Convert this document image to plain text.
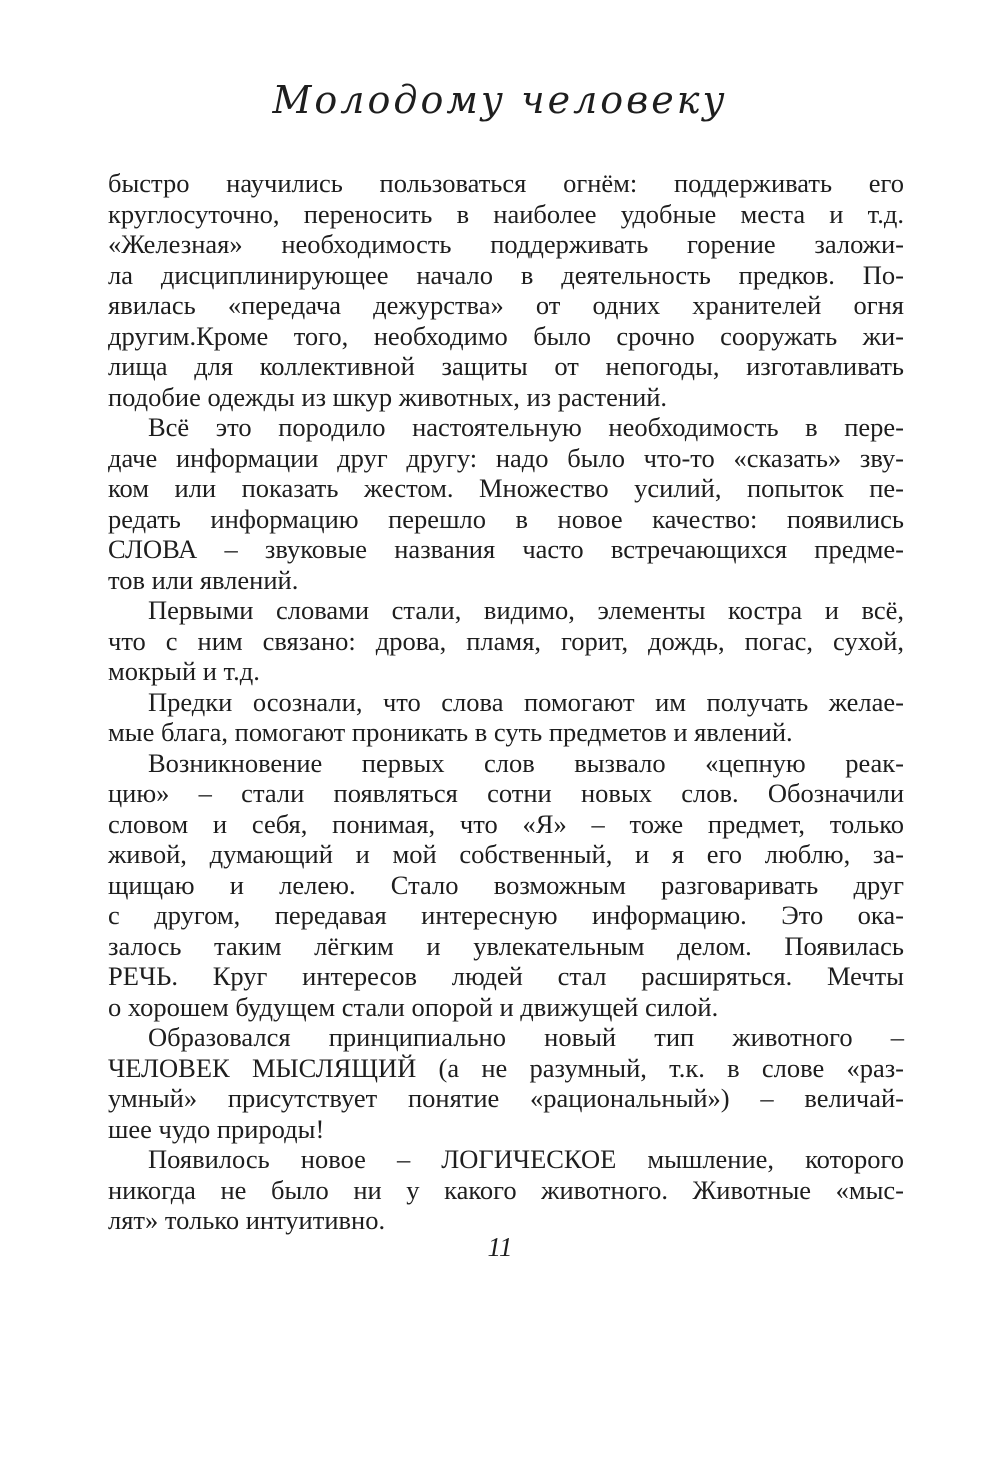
Молодому человеку
быстро научились пользоваться огнём: поддерживать его
круглосуточно, переносить в наиболее удобные места и т.д.
«Железная» необходимость поддерживать горение заложи-
ла дисциплинирующее начало в деятельность предков. По-
явилась «передача дежурства» от одних хранителей огня
другим.Кроме того, необходимо было срочно сооружать жи-
лища для коллективной защиты от непогоды, изготавливать
подобие одежды из шкур животных, из растений.
Всё это породило настоятельную необходимость в пере-
даче информации друг другу: надо было что-то «сказать» зву-
ком или показать жестом. Множество усилий, попыток пе-
редать информацию перешло в новое качество: появились
СЛОВА – звуковые названия часто встречающихся предме-
тов или явлений.
Первыми словами стали, видимо, элементы костра и всё,
что с ним связано: дрова, пламя, горит, дождь, погас, сухой,
мокрый и т.д.
Предки осознали, что слова помогают им получать желае-
мые блага, помогают проникать в суть предметов и явлений.
Возникновение первых слов вызвало «цепную реак-
цию» – стали появляться сотни новых слов. Обозначили
словом и себя, понимая, что «Я» – тоже предмет, только
живой, думающий и мой собственный, и я его люблю, за-
щищаю и лелею. Стало возможным разговаривать друг
с другом, передавая интересную информацию. Это ока-
залось таким лёгким и увлекательным делом. Появилась
РЕЧЬ. Круг интересов людей стал расширяться. Мечты
о хорошем будущем стали опорой и движущей силой.
Образовался принципиально новый тип животного –
ЧЕЛОВЕК МЫСЛЯЩИЙ (а не разумный, т.к. в слове «раз-
умный» присутствует понятие «рациональный») – величай-
шее чудо природы!
Появилось новое – ЛОГИЧЕСКОЕ мышление, которого
никогда не было ни у какого животного. Животные «мыс-
лят» только интуитивно.
11
